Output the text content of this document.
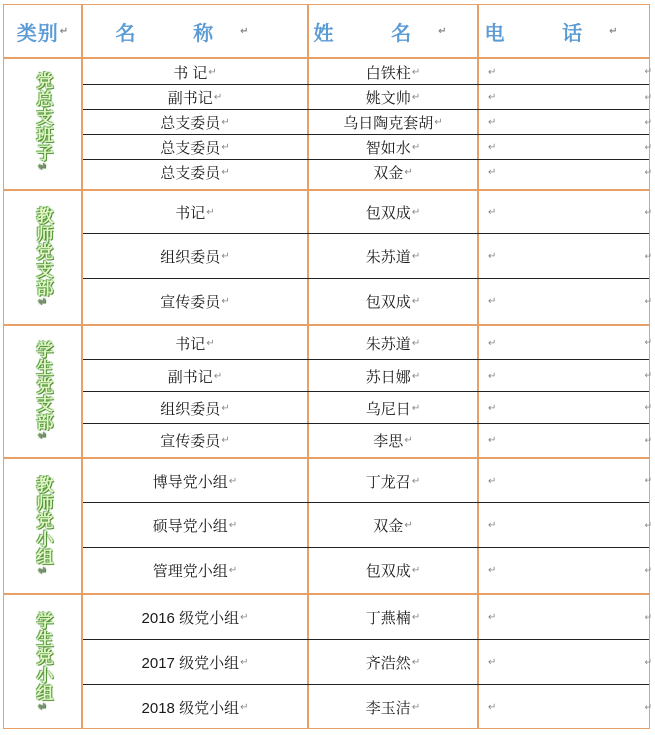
类别 ↵ 名 称 ↵ 姓 名 ↵ 电 话 ↵
党总支班子↵
书 记 ↵	白铁柱 ↵	↵	↵
副书记 ↵	姚文帅 ↵	↵	↵
总支委员 ↵	乌日陶克套胡 ↵	↵	↵
总支委员 ↵	智如水 ↵	↵	↵
总支委员 ↵	双金 ↵	↵	↵
教师党支部↵
书记 ↵	包双成 ↵	↵	↵
组织委员 ↵	朱苏道 ↵	↵	↵
宣传委员 ↵	包双成 ↵	↵	↵
学生党支部↵
书记 ↵	朱苏道 ↵	↵	↵
副书记 ↵	苏日娜 ↵	↵	↵
组织委员 ↵	乌尼日 ↵	↵	↵
宣传委员 ↵	李思 ↵	↵	↵
教师党小组↵
博导党小组 ↵	丁龙召 ↵	↵	↵
硕导党小组 ↵	双金 ↵	↵	↵
管理党小组 ↵	包双成 ↵	↵	↵
学生党小组↵
2016 级党小组 ↵	丁燕楠 ↵	↵	↵
2017 级党小组 ↵	齐浩然 ↵	↵	↵
2018 级党小组 ↵	李玉洁 ↵	↵	↵
